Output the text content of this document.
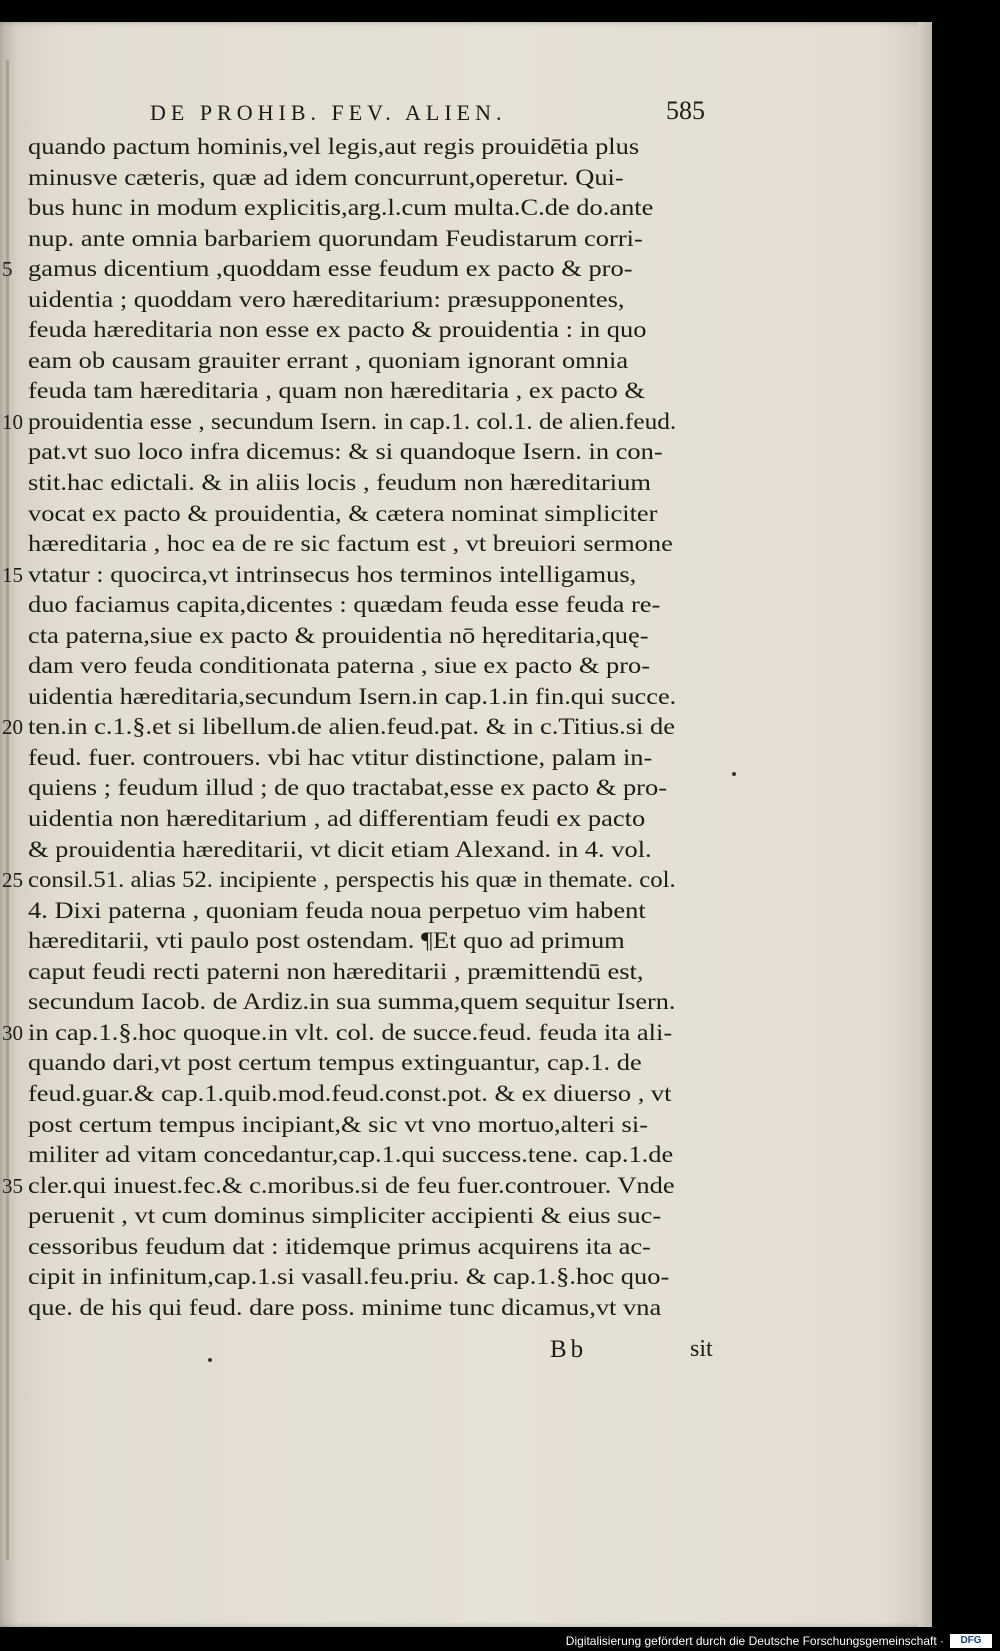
DE PROHIB. FEV. ALIEN.	585
quando pactum hominis,vel legis,aut regis prouidētia plus
minusve cæteris, quæ ad idem concurrunt,operetur. Qui-
bus hunc in modum explicitis,arg.l.cum multa.C.de do.ante
nup. ante omnia barbariem quorundam Feudistarum corri-
5 gamus dicentium ,quoddam esse feudum ex pacto & pro-
uidentia ; quoddam vero hæreditarium: præsupponentes,
feuda hæreditaria non esse ex pacto & prouidentia : in quo
eam ob causam grauiter errant , quoniam ignorant omnia
feuda tam hæreditaria , quam non hæreditaria , ex pacto &
10 prouidentia esse , secundum Isern. in cap.1. col.1. de alien.feud.
pat.vt suo loco infra dicemus: & si quandoque Isern. in con-
stit.hac edictali. & in aliis locis , feudum non hæreditarium
vocat ex pacto & prouidentia, & cætera nominat simpliciter
hæreditaria , hoc ea de re sic factum est , vt breuiori sermone
15 vtatur : quocirca,vt intrinsecus hos terminos intelligamus,
duo faciamus capita,dicentes : quædam feuda esse feuda re-
cta paterna,siue ex pacto & prouidentia nō hęreditaria,quę-
dam vero feuda conditionata paterna , siue ex pacto & pro-
uidentia hæreditaria,secundum Isern.in cap.1.in fin.qui succe.
20 ten.in c.1.§.et si libellum.de alien.feud.pat. & in c.Titius.si de
feud. fuer. controuers. vbi hac vtitur distinctione, palam in-
quiens ; feudum illud ; de quo tractabat,esse ex pacto & pro-
uidentia non hæreditarium , ad differentiam feudi ex pacto
& prouidentia hæreditarii, vt dicit etiam Alexand. in 4. vol.
25 consil.51. alias 52. incipiente , perspectis his quæ in themate. col.
4. Dixi paterna , quoniam feuda noua perpetuo vim habent
hæreditarii, vti paulo post ostendam. ¶Et quo ad primum
caput feudi recti paterni non hæreditarii , præmittendū est,
secundum Iacob. de Ardiz.in sua summa,quem sequitur Isern.
30 in cap.1.§.hoc quoque.in vlt. col. de succe.feud. feuda ita ali-
quando dari,vt post certum tempus extinguantur, cap.1. de
feud.guar.& cap.1.quib.mod.feud.const.pot. & ex diuerso , vt
post certum tempus incipiant,& sic vt vno mortuo,alteri si-
militer ad vitam concedantur,cap.1.qui success.tene. cap.1.de
35 cler.qui inuest.fec.& c.moribus.si de feu fuer.controuer. Vnde
peruenit , vt cum dominus simpliciter accipienti & eius suc-
cessoribus feudum dat : itidemque primus acquirens ita ac-
cipit in infinitum,cap.1.si vasall.feu.priu. & cap.1.§.hoc quo-
que. de his qui feud. dare poss. minime tunc dicamus,vt vna
Bb	sit
Digitalisierung gefördert durch die Deutsche Forschungsgemeinschaft ·	DFG
